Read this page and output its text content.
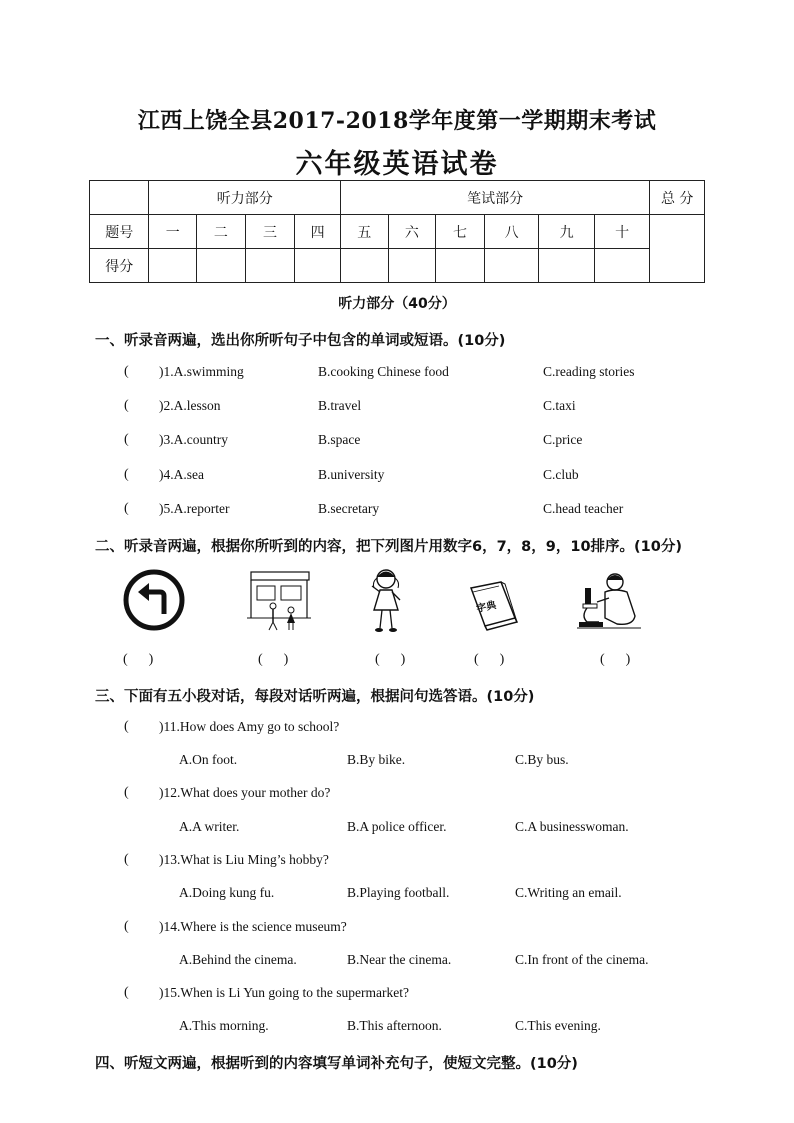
江西上饶全县2017-2018学年度第一学期期末考试
六年级英语试卷
	听力部分				笔试部分						总 分
题号	一	二	三	四	五	六	七	八	九	十	
得分											
听力部分（40分）
一、听录音两遍，选出你所听句子中包含的单词或短语。(10分)
( )1.A.swimming	B.cooking Chinese food	C.reading stories
( )2.A.lesson	B.travel	C.taxi
( )3.A.country	B.space	C.price
( )4.A.sea	B.university	C.club
( )5.A.reporter	B.secretary	C.head teacher
二、听录音两遍，根据你所听到的内容，把下列图片用数字6，7，8，9，10排序。(10分)
字典
(      )	(      )	(      )	(      )	(      )
三、下面有五小段对话，每段对话听两遍，根据问句选答语。(10分)
( )11.How does Amy go to school?
A.On foot.	B.By bike.	C.By bus.
( )12.What does your mother do?
A.A writer.	B.A police officer.	C.A businesswoman.
( )13.What is Liu Ming’s hobby?
A.Doing kung fu.	B.Playing football.	C.Writing an email.
( )14.Where is the science museum?
A.Behind the cinema.	B.Near the cinema.	C.In front of the cinema.
( )15.When is Li Yun going to the supermarket?
A.This morning.	B.This afternoon.	C.This evening.
四、听短文两遍，根据听到的内容填写单词补充句子，使短文完整。(10分)
